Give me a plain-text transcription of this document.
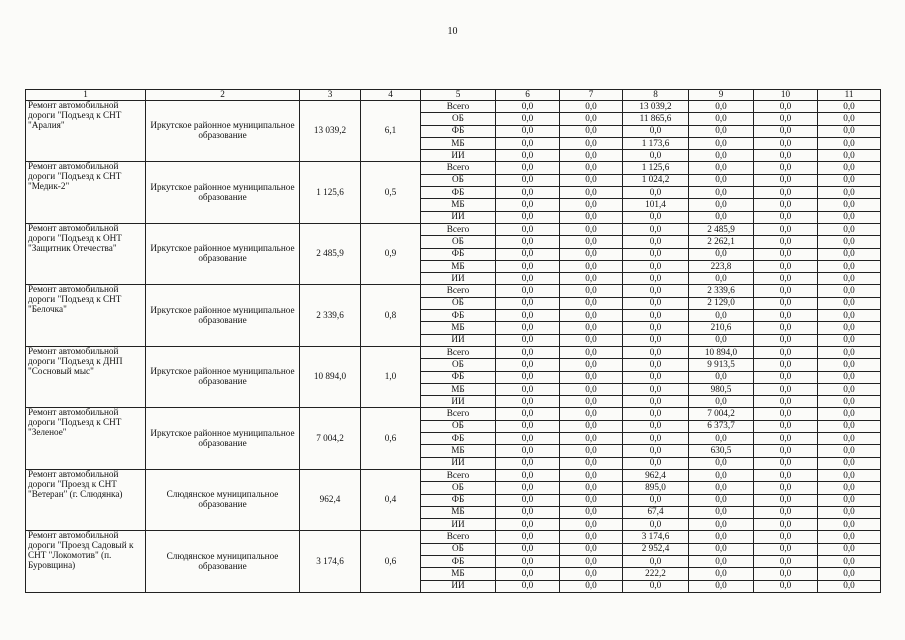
10
1	2	3	4	5	6	7	8	9	10	11
Ремонт автомобильной дороги "Подъезд к СНТ "Аралия"	Иркутское районное муниципальное образование	13 039,2	6,1	Всего	0,0	0,0	13 039,2	0,0	0,0	0,0
				ОБ	0,0	0,0	11 865,6	0,0	0,0	0,0
				ФБ	0,0	0,0	0,0	0,0	0,0	0,0
				МБ	0,0	0,0	1 173,6	0,0	0,0	0,0
				ИИ	0,0	0,0	0,0	0,0	0,0	0,0
Ремонт автомобильной дороги "Подъезд к СНТ "Медик-2"	Иркутское районное муниципальное образование	1 125,6	0,5	Всего	0,0	0,0	1 125,6	0,0	0,0	0,0
				ОБ	0,0	0,0	1 024,2	0,0	0,0	0,0
				ФБ	0,0	0,0	0,0	0,0	0,0	0,0
				МБ	0,0	0,0	101,4	0,0	0,0	0,0
				ИИ	0,0	0,0	0,0	0,0	0,0	0,0
Ремонт автомобильной дороги "Подъезд к ОНТ "Защитник Отечества"	Иркутское районное муниципальное образование	2 485,9	0,9	Всего	0,0	0,0	0,0	2 485,9	0,0	0,0
				ОБ	0,0	0,0	0,0	2 262,1	0,0	0,0
				ФБ	0,0	0,0	0,0	0,0	0,0	0,0
				МБ	0,0	0,0	0,0	223,8	0,0	0,0
				ИИ	0,0	0,0	0,0	0,0	0,0	0,0
Ремонт автомобильной дороги "Подъезд к СНТ "Белочка"	Иркутское районное муниципальное образование	2 339,6	0,8	Всего	0,0	0,0	0,0	2 339,6	0,0	0,0
				ОБ	0,0	0,0	0,0	2 129,0	0,0	0,0
				ФБ	0,0	0,0	0,0	0,0	0,0	0,0
				МБ	0,0	0,0	0,0	210,6	0,0	0,0
				ИИ	0,0	0,0	0,0	0,0	0,0	0,0
Ремонт автомобильной дороги "Подъезд к ДНП "Сосновый мыс"	Иркутское районное муниципальное образование	10 894,0	1,0	Всего	0,0	0,0	0,0	10 894,0	0,0	0,0
				ОБ	0,0	0,0	0,0	9 913,5	0,0	0,0
				ФБ	0,0	0,0	0,0	0,0	0,0	0,0
				МБ	0,0	0,0	0,0	980,5	0,0	0,0
				ИИ	0,0	0,0	0,0	0,0	0,0	0,0
Ремонт автомобильной дороги "Подъезд к СНТ "Зеленое"	Иркутское районное муниципальное образование	7 004,2	0,6	Всего	0,0	0,0	0,0	7 004,2	0,0	0,0
				ОБ	0,0	0,0	0,0	6 373,7	0,0	0,0
				ФБ	0,0	0,0	0,0	0,0	0,0	0,0
				МБ	0,0	0,0	0,0	630,5	0,0	0,0
				ИИ	0,0	0,0	0,0	0,0	0,0	0,0
Ремонт автомобильной дороги "Проезд к СНТ "Ветеран" (г. Слюдянка)	Слюдянское муниципальное образование	962,4	0,4	Всего	0,0	0,0	962,4	0,0	0,0	0,0
				ОБ	0,0	0,0	895,0	0,0	0,0	0,0
				ФБ	0,0	0,0	0,0	0,0	0,0	0,0
				МБ	0,0	0,0	67,4	0,0	0,0	0,0
				ИИ	0,0	0,0	0,0	0,0	0,0	0,0
Ремонт автомобильной дороги "Проезд Садовый к СНТ "Локомотив" (п. Буровщина)	Слюдянское муниципальное образование	3 174,6	0,6	Всего	0,0	0,0	3 174,6	0,0	0,0	0,0
				ОБ	0,0	0,0	2 952,4	0,0	0,0	0,0
				ФБ	0,0	0,0	0,0	0,0	0,0	0,0
				МБ	0,0	0,0	222,2	0,0	0,0	0,0
				ИИ	0,0	0,0	0,0	0,0	0,0	0,0
